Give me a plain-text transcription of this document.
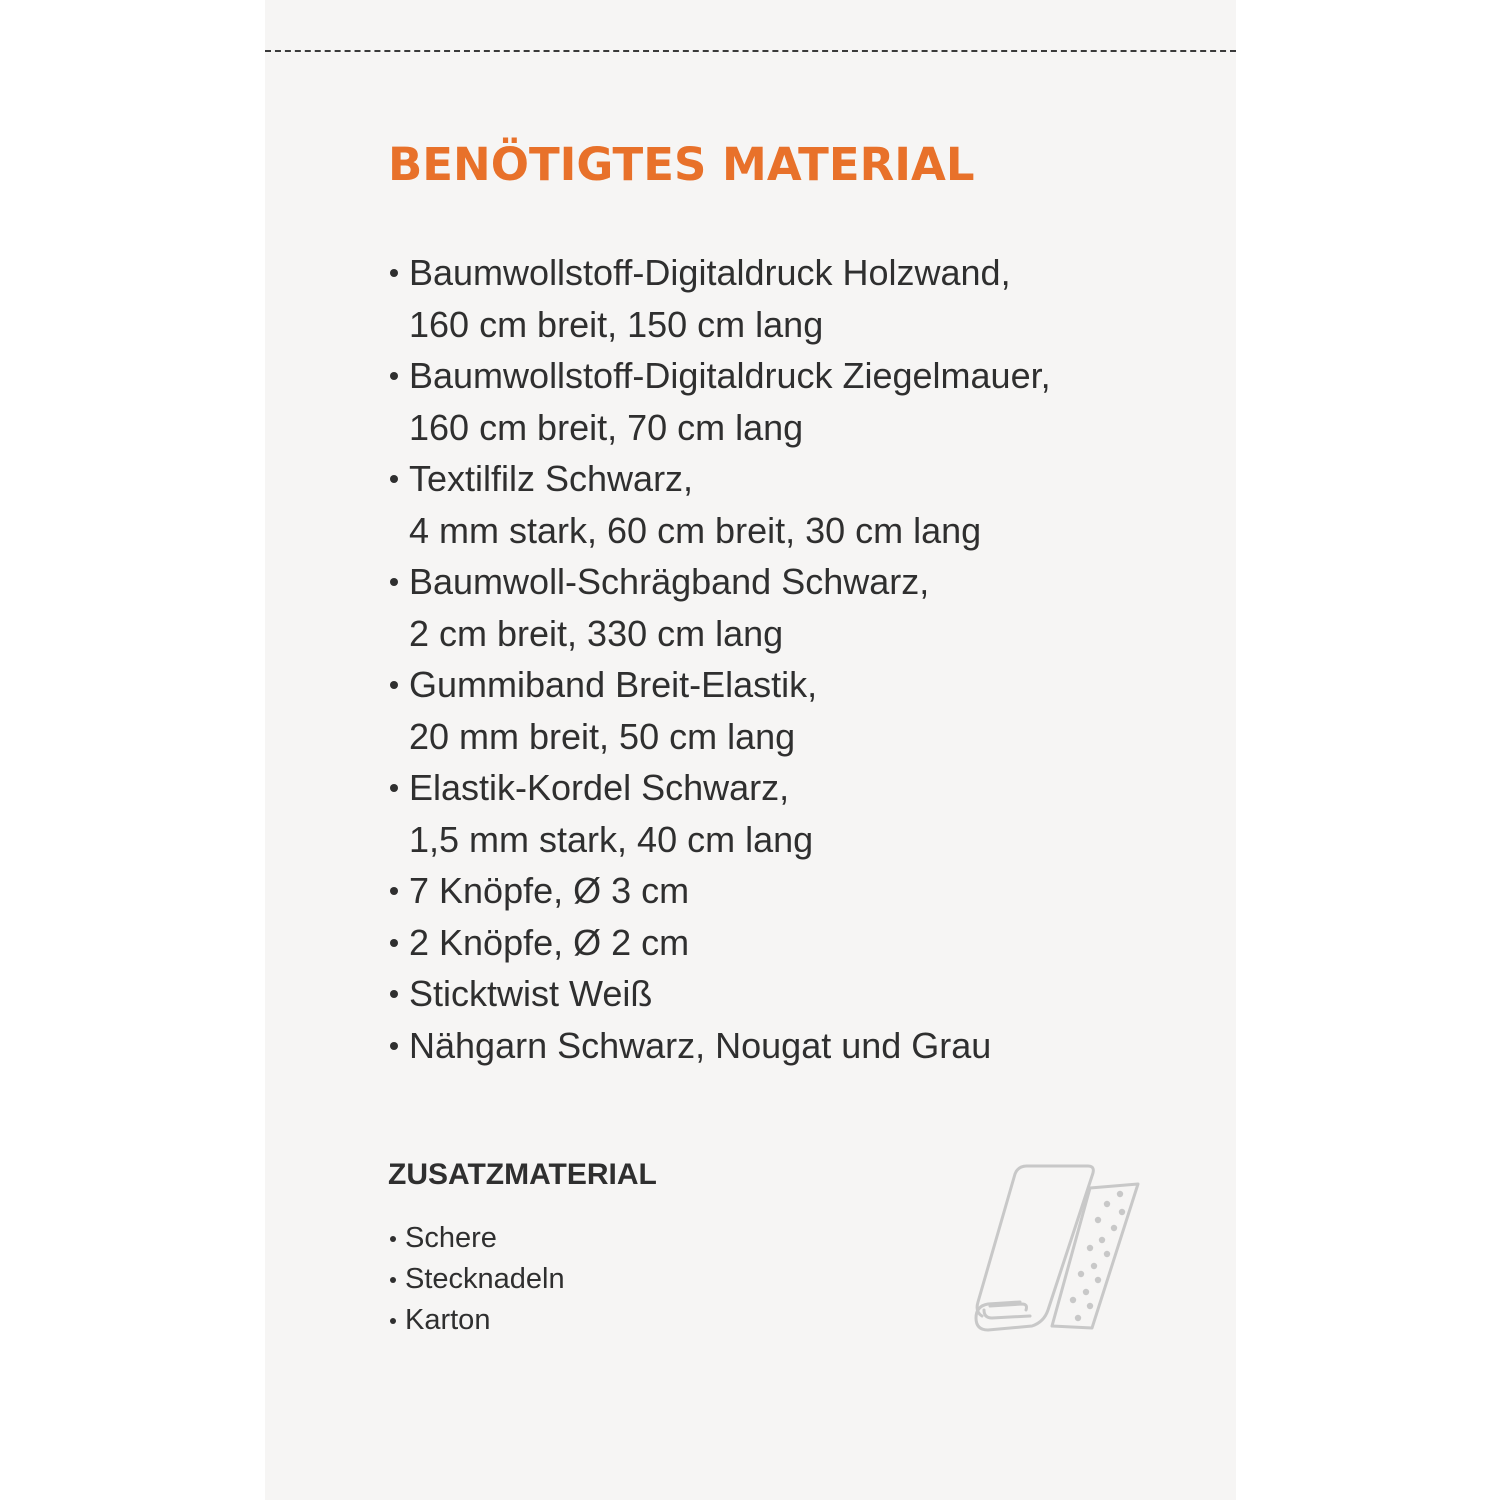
BENÖTIGTES MATERIAL
Baumwollstoff-Digitaldruck Holzwand,
160 cm breit, 150 cm lang
Baumwollstoff-Digitaldruck Ziegelmauer,
160 cm breit, 70 cm lang
Textilfilz Schwarz,
4 mm stark, 60 cm breit, 30 cm lang
Baumwoll-Schrägband Schwarz,
2 cm breit, 330 cm lang
Gummiband Breit-Elastik,
20 mm breit, 50 cm lang
Elastik-Kordel Schwarz,
1,5 mm stark, 40 cm lang
7 Knöpfe, Ø 3 cm
2 Knöpfe, Ø 2 cm
Sticktwist Weiß
Nähgarn Schwarz, Nougat und Grau
ZUSATZMATERIAL
Schere
Stecknadeln
Karton
